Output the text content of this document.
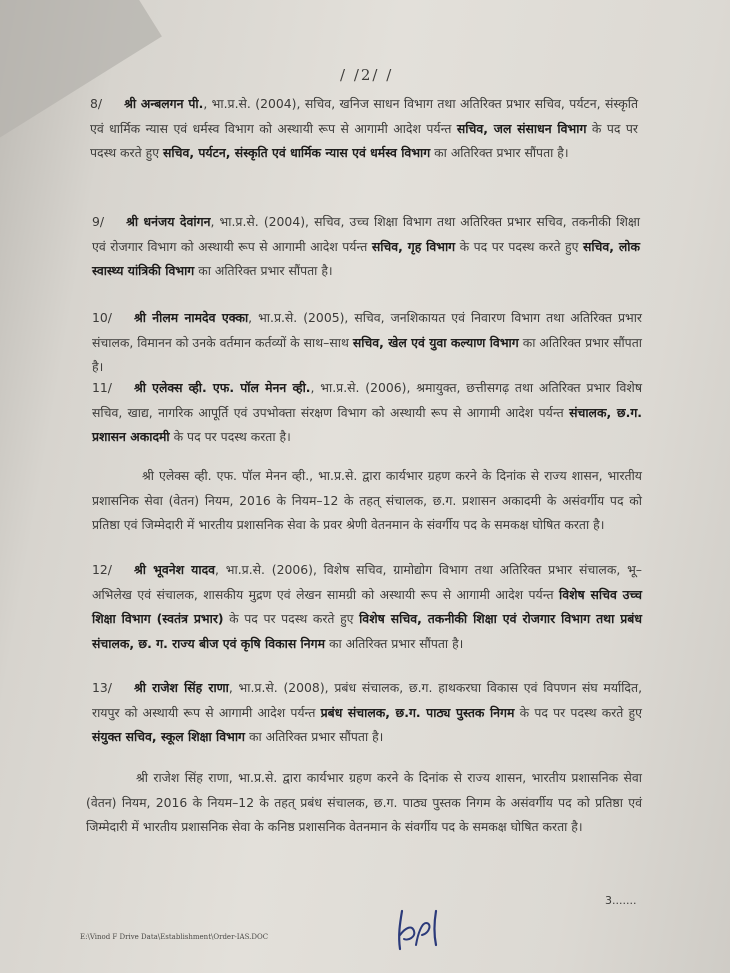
/ /2/ /

8/ श्री अन्बलगन पी., भा.प्र.से. (2004), सचिव, खनिज साधन विभाग तथा अतिरिक्त प्रभार सचिव, पर्यटन, संस्कृति एवं धार्मिक न्यास एवं धर्मस्व विभाग को अस्थायी रूप से आगामी आदेश पर्यन्त सचिव, जल संसाधन विभाग के पद पर पदस्थ करते हुए सचिव, पर्यटन, संस्कृति एवं धार्मिक न्यास एवं धर्मस्व विभाग का अतिरिक्त प्रभार सौंपता है।

9/ श्री धनंजय देवांगन, भा.प्र.से. (2004), सचिव, उच्च शिक्षा विभाग तथा अतिरिक्त प्रभार सचिव, तकनीकी शिक्षा एवं रोजगार विभाग को अस्थायी रूप से आगामी आदेश पर्यन्त सचिव, गृह विभाग के पद पर पदस्थ करते हुए सचिव, लोक स्वास्थ्य यांत्रिकी विभाग का अतिरिक्त प्रभार सौंपता है।

10/ श्री नीलम नामदेव एक्का, भा.प्र.से. (2005), सचिव, जनशिकायत एवं निवारण विभाग तथा अतिरिक्त प्रभार संचालक, विमानन को उनके वर्तमान कर्तव्यों के साथ–साथ सचिव, खेल एवं युवा कल्याण विभाग का अतिरिक्त प्रभार सौंपता है।

11/ श्री एलेक्स व्ही. एफ. पॉल मेनन व्ही., भा.प्र.से. (2006), श्रमायुक्त, छत्तीसगढ़ तथा अतिरिक्त प्रभार विशेष सचिव, खाद्य, नागरिक आपूर्ति एवं उपभोक्ता संरक्षण विभाग को अस्थायी रूप से आगामी आदेश पर्यन्त संचालक, छ.ग. प्रशासन अकादमी के पद पर पदस्थ करता है।

श्री एलेक्स व्ही. एफ. पॉल मेनन व्ही., भा.प्र.से. द्वारा कार्यभार ग्रहण करने के दिनांक से राज्य शासन, भारतीय प्रशासनिक सेवा (वेतन) नियम, 2016 के नियम–12 के तहत् संचालक, छ.ग. प्रशासन अकादमी के असंवर्गीय पद को प्रतिष्ठा एवं जिम्मेदारी में भारतीय प्रशासनिक सेवा के प्रवर श्रेणी वेतनमान के संवर्गीय पद के समकक्ष घोषित करता है।

12/ श्री भूवनेश यादव, भा.प्र.से. (2006), विशेष सचिव, ग्रामोद्योग विभाग तथा अतिरिक्त प्रभार संचालक, भू–अभिलेख एवं संचालक, शासकीय मुद्रण एवं लेखन सामग्री को अस्थायी रूप से आगामी आदेश पर्यन्त विशेष सचिव उच्च शिक्षा विभाग (स्वतंत्र प्रभार) के पद पर पदस्थ करते हुए विशेष सचिव, तकनीकी शिक्षा एवं रोजगार विभाग तथा प्रबंध संचालक, छ. ग. राज्य बीज एवं कृषि विकास निगम का अतिरिक्त प्रभार सौंपता है।

13/ श्री राजेश सिंह राणा, भा.प्र.से. (2008), प्रबंध संचालक, छ.ग. हाथकरघा विकास एवं विपणन संघ मर्यादित, रायपुर को अस्थायी रूप से आगामी आदेश पर्यन्त प्रबंध संचालक, छ.ग. पाठ्य पुस्तक निगम के पद पर पदस्थ करते हुए संयुक्त सचिव, स्कूल शिक्षा विभाग का अतिरिक्त प्रभार सौंपता है।

श्री राजेश सिंह राणा, भा.प्र.से. द्वारा कार्यभार ग्रहण करने के दिनांक से राज्य शासन, भारतीय प्रशासनिक सेवा (वेतन) नियम, 2016 के नियम–12 के तहत् प्रबंध संचालक, छ.ग. पाठ्य पुस्तक निगम के असंवर्गीय पद को प्रतिष्ठा एवं जिम्मेदारी में भारतीय प्रशासनिक सेवा के कनिष्ठ प्रशासनिक वेतनमान के संवर्गीय पद के समकक्ष घोषित करता है।

3.......
E:\Vinod F Drive Data\Establishment\Order-IAS.DOC
